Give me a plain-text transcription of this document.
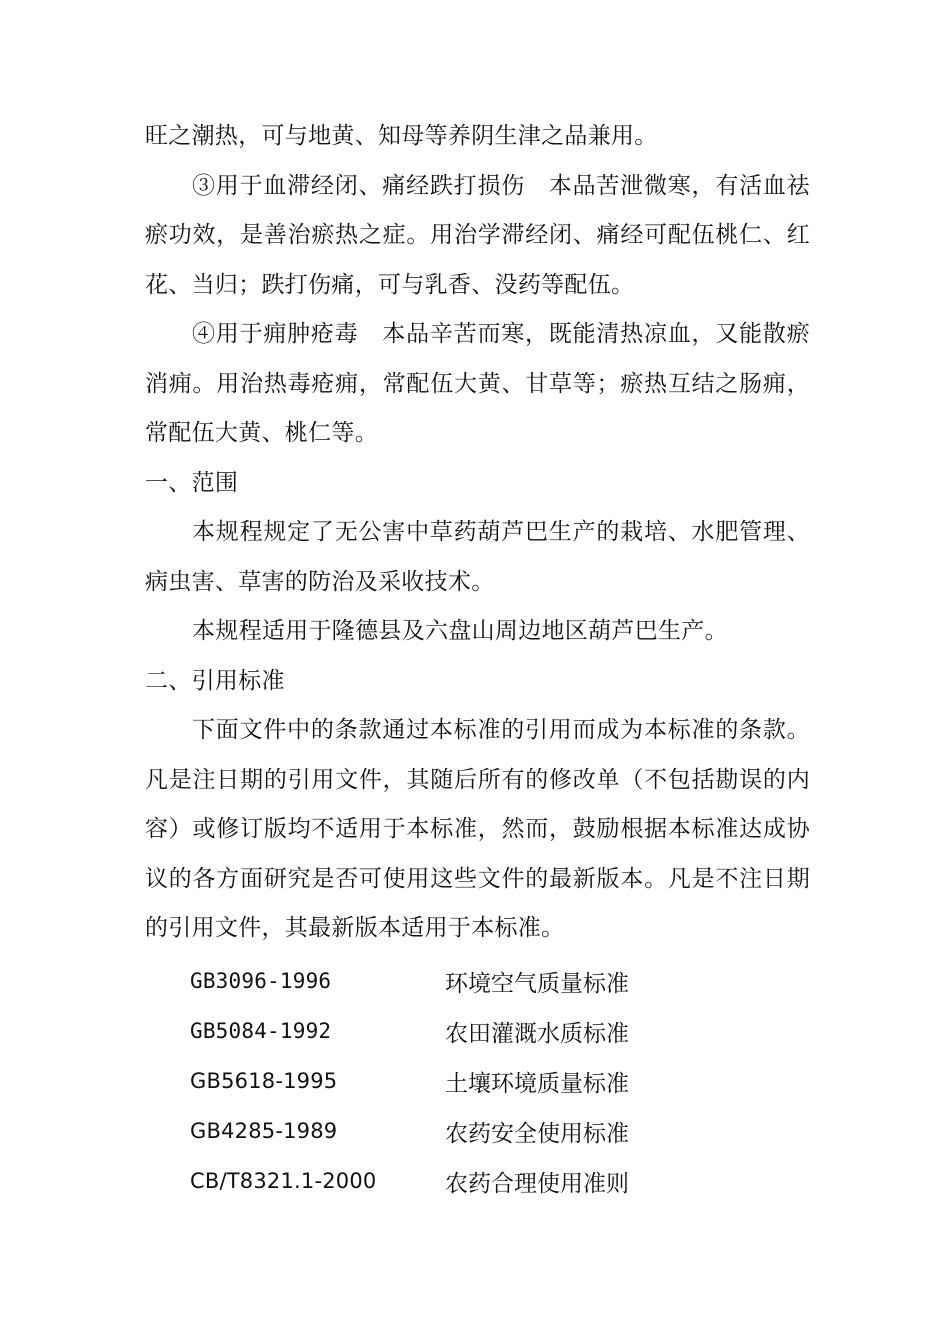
旺之潮热，可与地黄、知母等养阴生津之品兼用。

③用于血滞经闭、痛经跌打损伤　本品苦泄微寒，有活血祛瘀功效，是善治瘀热之症。用治学滞经闭、痛经可配伍桃仁、红花、当归；跌打伤痛，可与乳香、没药等配伍。

④用于痈肿疮毒　本品辛苦而寒，既能清热凉血，又能散瘀消痈。用治热毒疮痈，常配伍大黄、甘草等；瘀热互结之肠痈，常配伍大黄、桃仁等。

一、范围

本规程规定了无公害中草药葫芦巴生产的栽培、水肥管理、病虫害、草害的防治及采收技术。

本规程适用于隆德县及六盘山周边地区葫芦巴生产。

二、引用标准

下面文件中的条款通过本标准的引用而成为本标准的条款。凡是注日期的引用文件，其随后所有的修改单（不包括勘误的内容）或修订版均不适用于本标准，然而，鼓励根据本标准达成协议的各方面研究是否可使用这些文件的最新版本。凡是不注日期的引用文件，其最新版本适用于本标准。

GB3096-1996	环境空气质量标准
GB5084-1992	农田灌溉水质标准
GB5618-1995	土壤环境质量标准
GB4285-1989	农药安全使用标准
CB/T8321.1-2000	农药合理使用准则
